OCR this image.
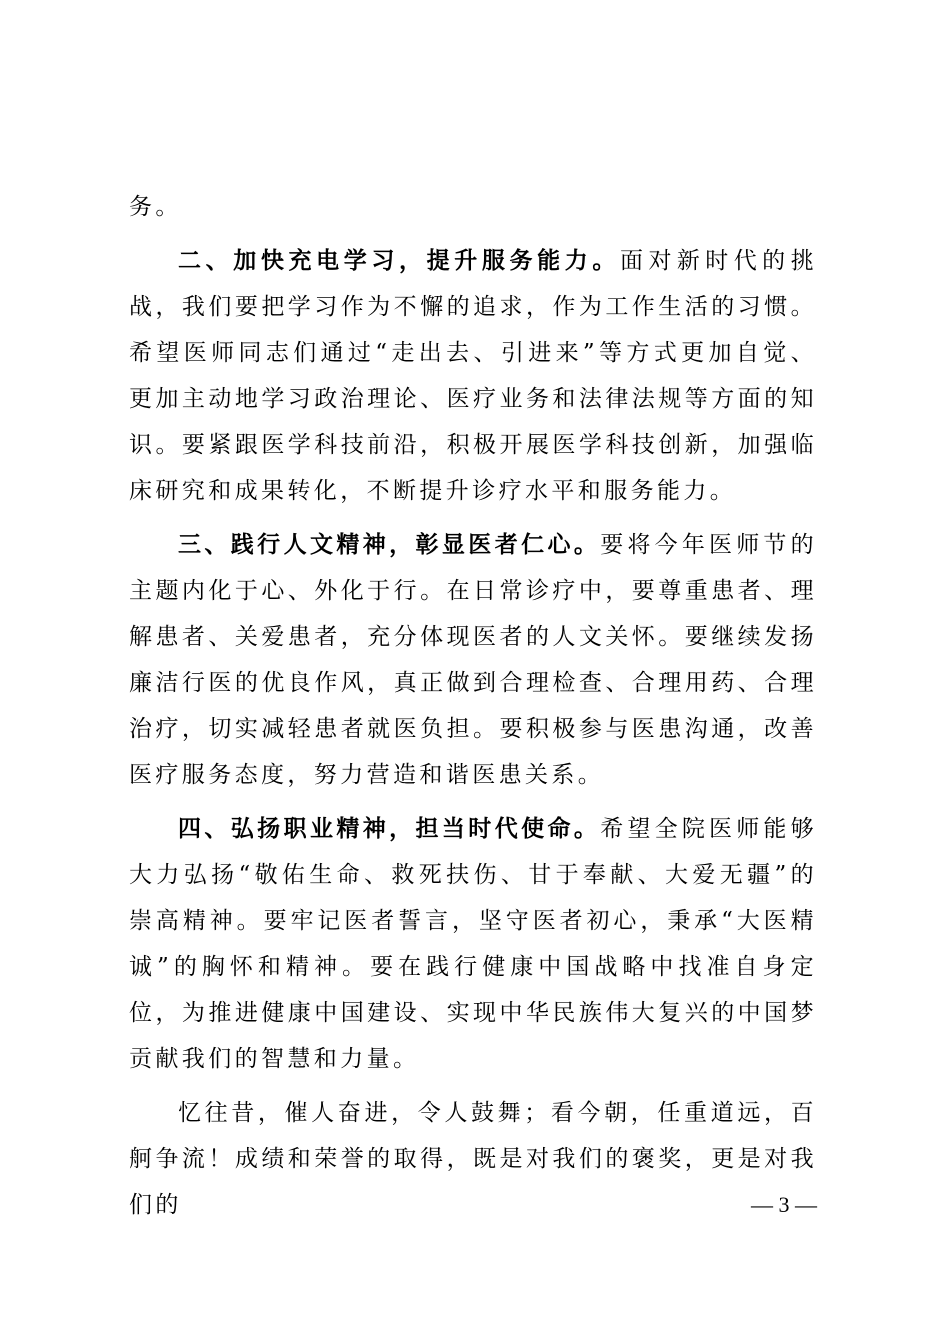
务。

二、加快充电学习，提升服务能力。面对新时代的挑战，我们要把学习作为不懈的追求，作为工作生活的习惯。希望医师同志们通过“走出去、引进来”等方式更加自觉、更加主动地学习政治理论、医疗业务和法律法规等方面的知识。要紧跟医学科技前沿，积极开展医学科技创新，加强临床研究和成果转化，不断提升诊疗水平和服务能力。

三、践行人文精神，彰显医者仁心。要将今年医师节的主题内化于心、外化于行。在日常诊疗中，要尊重患者、理解患者、关爱患者，充分体现医者的人文关怀。要继续发扬廉洁行医的优良作风，真正做到合理检查、合理用药、合理治疗，切实减轻患者就医负担。要积极参与医患沟通，改善医疗服务态度，努力营造和谐医患关系。

四、弘扬职业精神，担当时代使命。希望全院医师能够大力弘扬“敬佑生命、救死扶伤、甘于奉献、大爱无疆”的崇高精神。要牢记医者誓言，坚守医者初心，秉承“大医精诚”的胸怀和精神。要在践行健康中国战略中找准自身定位，为推进健康中国建设、实现中华民族伟大复兴的中国梦贡献我们的智慧和力量。

忆往昔，催人奋进，令人鼓舞；看今朝，任重道远，百舸争流！成绩和荣誉的取得，既是对我们的褒奖，更是对我们的	— 3 —
